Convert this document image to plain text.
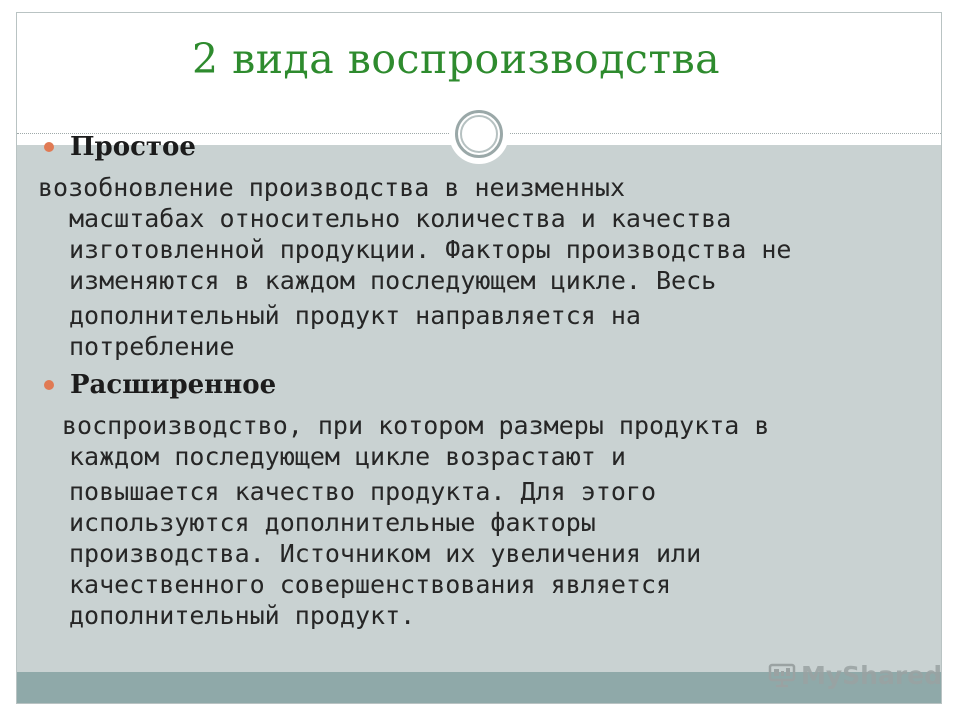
2 вида воспроизводства
Простое

возобновление производства в неизменных

масштабах относительно количества и качества

изготовленной продукции. Факторы производства не

изменяются в каждом последующем цикле. Весь

дополнительный продукт направляется на

потребление

Расширенное

воспроизводство, при котором размеры продукта в

каждом последующем цикле возрастают и

повышается качество продукта. Для этого

используются дополнительные факторы

производства. Источником их увеличения или

качественного совершенствования является

дополнительный продукт.

MyShared
